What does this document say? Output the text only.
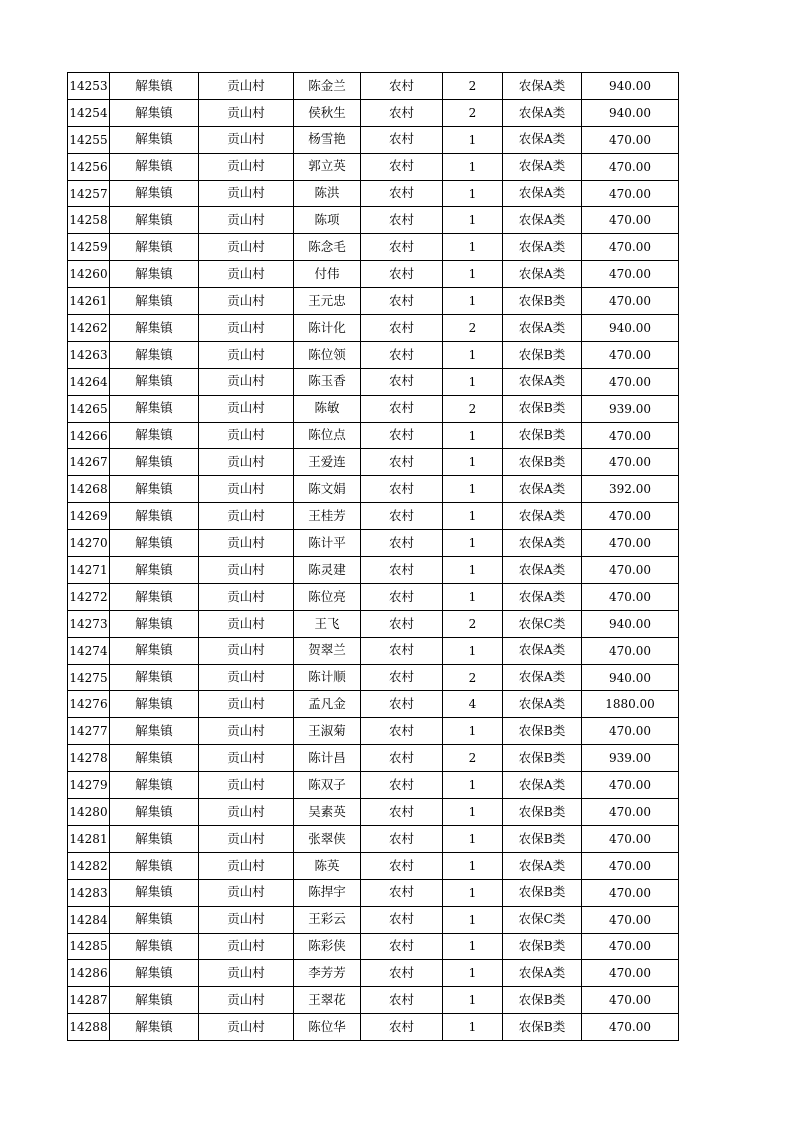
14253	解集镇	贡山村	陈金兰	农村	2	农保A类	940.00
14254	解集镇	贡山村	侯秋生	农村	2	农保A类	940.00
14255	解集镇	贡山村	杨雪艳	农村	1	农保A类	470.00
14256	解集镇	贡山村	郭立英	农村	1	农保A类	470.00
14257	解集镇	贡山村	陈洪	农村	1	农保A类	470.00
14258	解集镇	贡山村	陈项	农村	1	农保A类	470.00
14259	解集镇	贡山村	陈念毛	农村	1	农保A类	470.00
14260	解集镇	贡山村	付伟	农村	1	农保A类	470.00
14261	解集镇	贡山村	王元忠	农村	1	农保B类	470.00
14262	解集镇	贡山村	陈计化	农村	2	农保A类	940.00
14263	解集镇	贡山村	陈位领	农村	1	农保B类	470.00
14264	解集镇	贡山村	陈玉香	农村	1	农保A类	470.00
14265	解集镇	贡山村	陈敏	农村	2	农保B类	939.00
14266	解集镇	贡山村	陈位点	农村	1	农保B类	470.00
14267	解集镇	贡山村	王爱连	农村	1	农保B类	470.00
14268	解集镇	贡山村	陈文娟	农村	1	农保A类	392.00
14269	解集镇	贡山村	王桂芳	农村	1	农保A类	470.00
14270	解集镇	贡山村	陈计平	农村	1	农保A类	470.00
14271	解集镇	贡山村	陈灵建	农村	1	农保A类	470.00
14272	解集镇	贡山村	陈位亮	农村	1	农保A类	470.00
14273	解集镇	贡山村	王飞	农村	2	农保C类	940.00
14274	解集镇	贡山村	贺翠兰	农村	1	农保A类	470.00
14275	解集镇	贡山村	陈计顺	农村	2	农保A类	940.00
14276	解集镇	贡山村	孟凡金	农村	4	农保A类	1880.00
14277	解集镇	贡山村	王淑菊	农村	1	农保B类	470.00
14278	解集镇	贡山村	陈计昌	农村	2	农保B类	939.00
14279	解集镇	贡山村	陈双子	农村	1	农保A类	470.00
14280	解集镇	贡山村	吴素英	农村	1	农保B类	470.00
14281	解集镇	贡山村	张翠侠	农村	1	农保B类	470.00
14282	解集镇	贡山村	陈英	农村	1	农保A类	470.00
14283	解集镇	贡山村	陈捍宇	农村	1	农保B类	470.00
14284	解集镇	贡山村	王彩云	农村	1	农保C类	470.00
14285	解集镇	贡山村	陈彩侠	农村	1	农保B类	470.00
14286	解集镇	贡山村	李芳芳	农村	1	农保A类	470.00
14287	解集镇	贡山村	王翠花	农村	1	农保B类	470.00
14288	解集镇	贡山村	陈位华	农村	1	农保B类	470.00
